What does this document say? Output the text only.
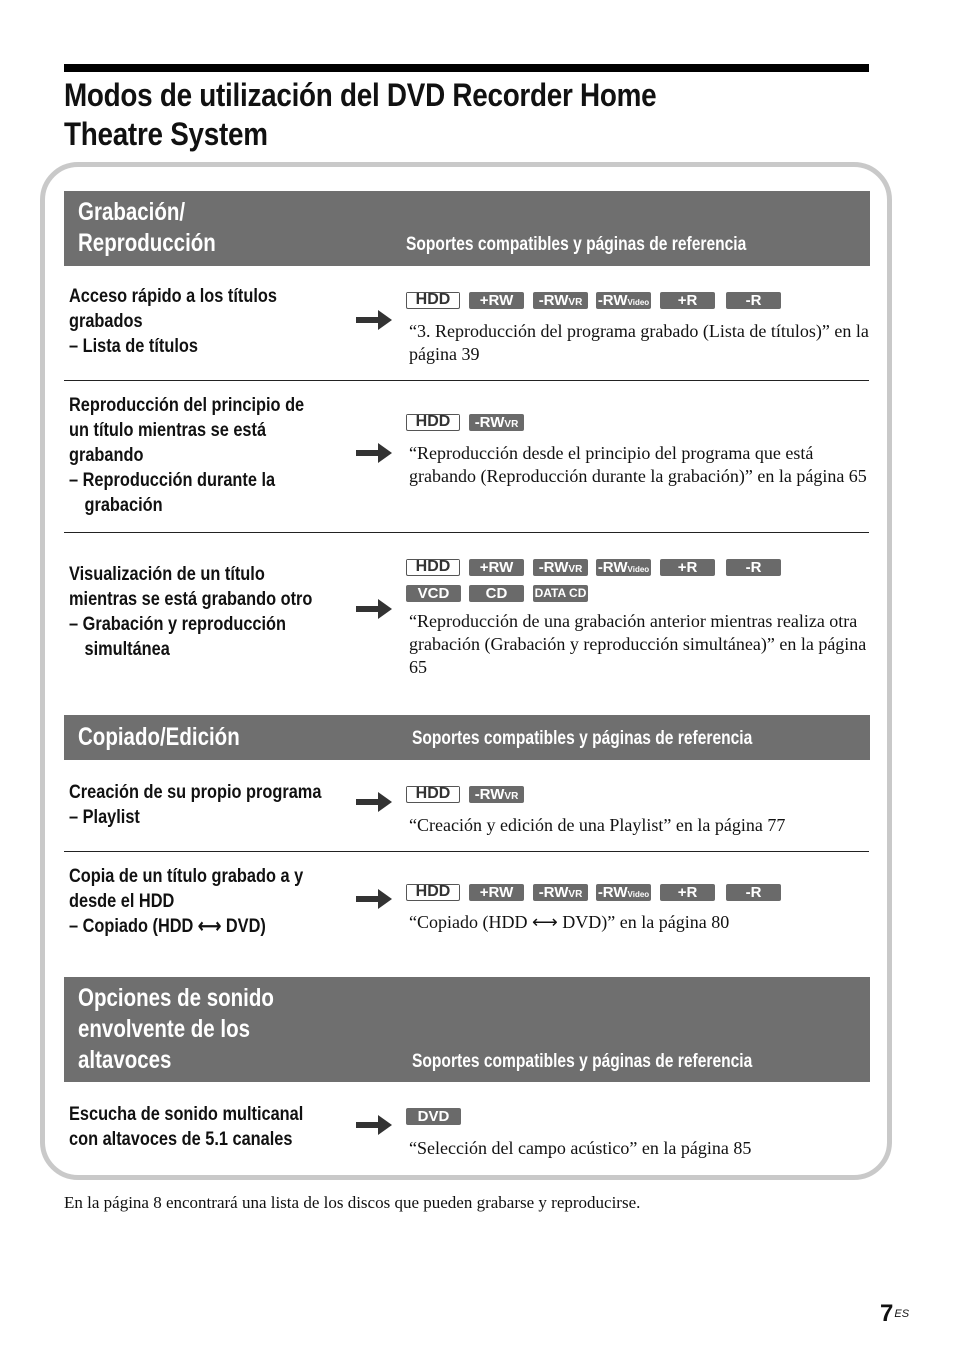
Modos de utilización del DVD Recorder Home Theatre System
Grabación/
Reproducción	Soportes compatibles y páginas de referencia
Acceso rápido a los títulos
grabados
– Lista de títulos
HDD	+RW	-RWVR	-RWVideo	+R	-R
“3. Reproducción del programa grabado (Lista de títulos)” en la página 39
Reproducción del principio de
un título mientras se está
grabando
– Reproducción durante la
grabación
HDD	-RWVR
“Reproducción desde el principio del programa que está grabando (Reproducción durante la grabación)” en la página 65
Visualización de un título
mientras se está grabando otro
– Grabación y reproducción
simultánea
HDD	+RW	-RWVR	-RWVideo	+R	-R
VCD	CD	DATA CD
“Reproducción de una grabación anterior mientras realiza otra grabación (Grabación y reproducción simultánea)” en la página 65
Copiado/Edición	Soportes compatibles y páginas de referencia
Creación de su propio programa
– Playlist
HDD	-RWVR
“Creación y edición de una Playlist” en la página 77
Copia de un título grabado a y
desde el HDD
– Copiado (HDD ⟷ DVD)
HDD	+RW	-RWVR	-RWVideo	+R	-R
“Copiado (HDD ⟷ DVD)” en la página 80
Opciones de sonido
envolvente de los
altavoces	Soportes compatibles y páginas de referencia
Escucha de sonido multicanal
con altavoces de 5.1 canales
DVD
“Selección del campo acústico” en la página 85
En la página 8 encontrará una lista de los discos que pueden grabarse y reproducirse.
$7^{ES}$
